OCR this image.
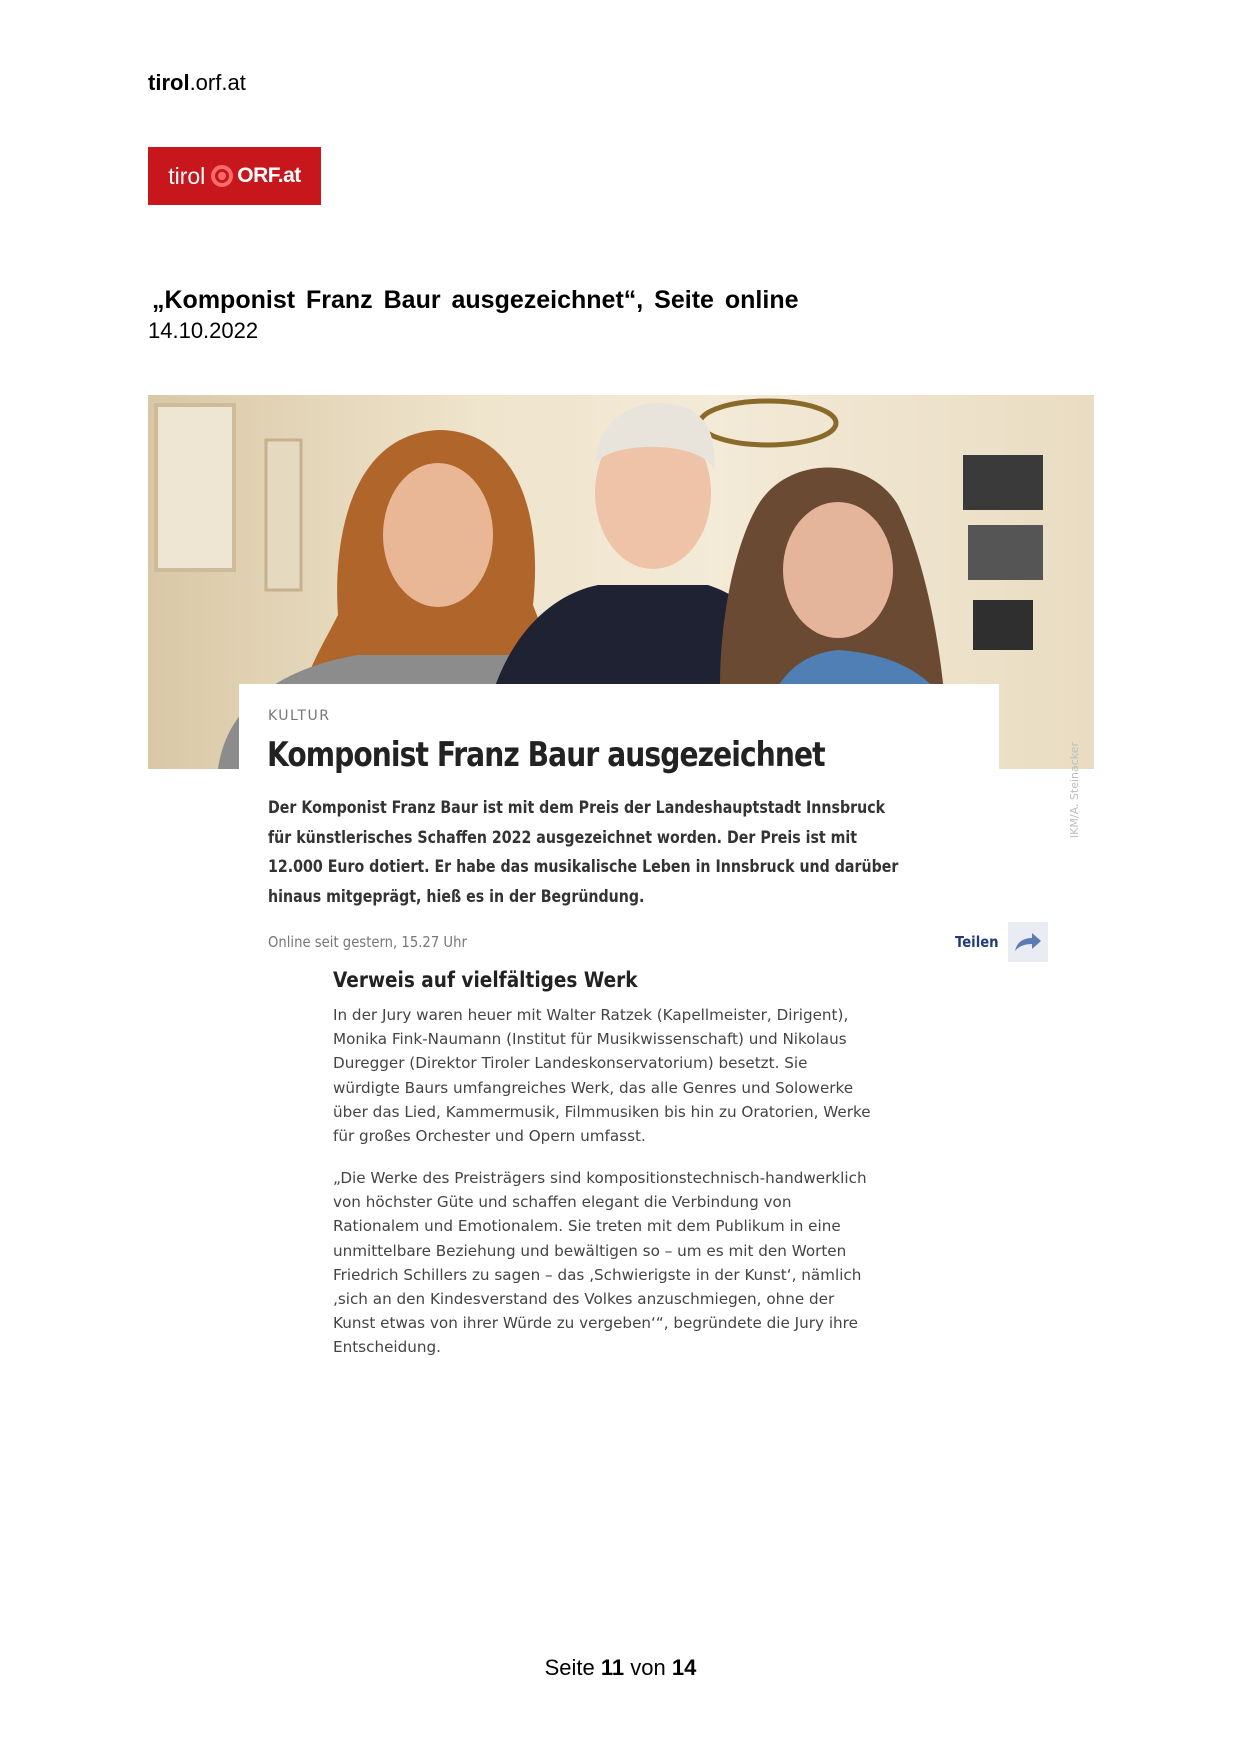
tirol.orf.at
tirol ORF.at
„Komponist Franz Baur ausgezeichnet“, Seite online
14.10.2022
IKM/A. Steinacker
KULTUR
Komponist Franz Baur ausgezeichnet
Der Komponist Franz Baur ist mit dem Preis der Landeshauptstadt Innsbruck für künstlerisches Schaffen 2022 ausgezeichnet worden. Der Preis ist mit 12.000 Euro dotiert. Er habe das musikalische Leben in Innsbruck und darüber hinaus mitgeprägt, hieß es in der Begründung.
Online seit gestern, 15.27 Uhr	Teilen
Verweis auf vielfältiges Werk
In der Jury waren heuer mit Walter Ratzek (Kapellmeister, Dirigent),
Monika Fink-Naumann (Institut für Musikwissenschaft) und Nikolaus
Duregger (Direktor Tiroler Landeskonservatorium) besetzt. Sie
würdigte Baurs umfangreiches Werk, das alle Genres und Solowerke
über das Lied, Kammermusik, Filmmusiken bis hin zu Oratorien, Werke
für großes Orchester und Opern umfasst.
„Die Werke des Preisträgers sind kompositionstechnisch-handwerklich
von höchster Güte und schaffen elegant die Verbindung von
Rationalem und Emotionalem. Sie treten mit dem Publikum in eine
unmittelbare Beziehung und bewältigen so – um es mit den Worten
Friedrich Schillers zu sagen – das ‚Schwierigste in der Kunst‘, nämlich
‚sich an den Kindesverstand des Volkes anzuschmiegen, ohne der
Kunst etwas von ihrer Würde zu vergeben‘“, begründete die Jury ihre
Entscheidung.
Seite 11 von 14
